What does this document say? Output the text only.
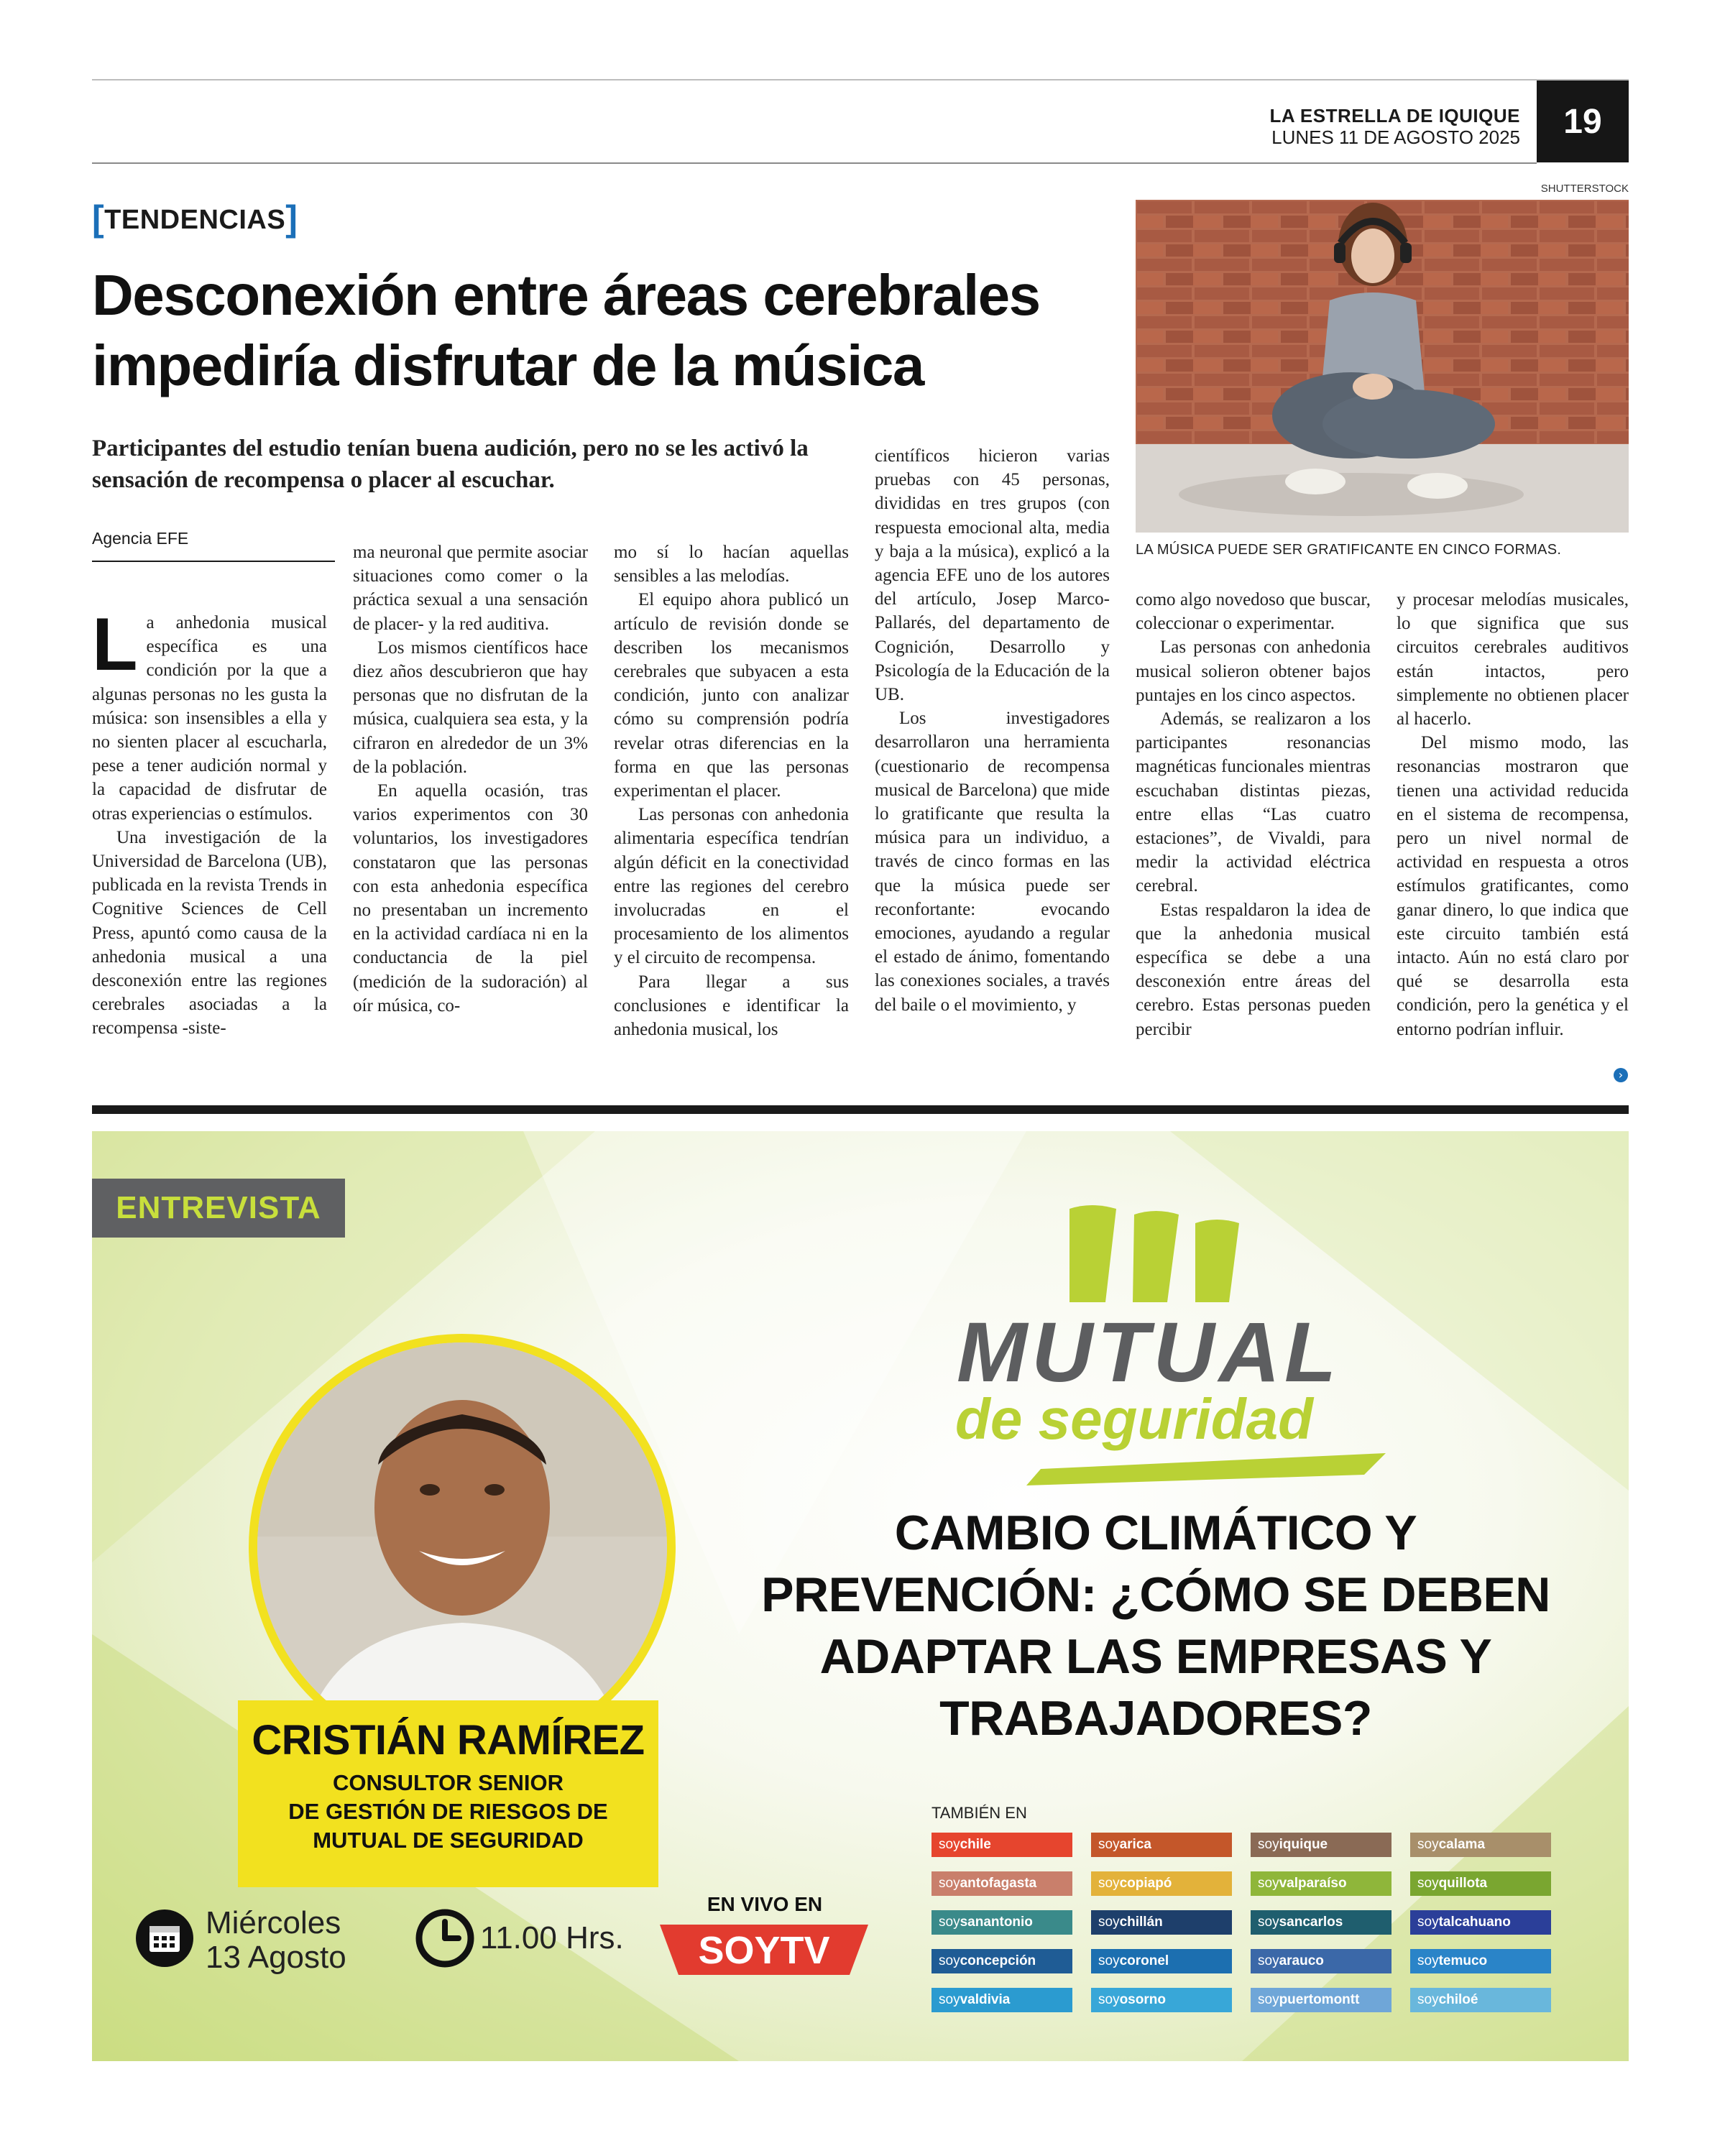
LA ESTRELLA DE IQUIQUE
LUNES 11 DE AGOSTO 2025	19
[TENDENCIAS]
Desconexión entre áreas cerebrales
impediría disfrutar de la música
Participantes del estudio tenían buena audición, pero no se les activó la sensación de recompensa o placer al escuchar.
Agencia EFE

La anhedonia musical específica es una condición por la que a algunas personas no les gusta la música: son insensibles a ella y no sienten placer al escucharla, pese a tener audición normal y la capacidad de disfrutar de otras experiencias o estímulos.

Una investigación de la Universidad de Barcelona (UB), publicada en la revista Trends in Cognitive Sciences de Cell Press, apuntó como causa de la anhedonia musical a una desconexión entre las regiones cerebrales asociadas a la recompensa -siste-

ma neuronal que permite asociar situaciones como comer o la práctica sexual a una sensación de placer- y la red auditiva.

Los mismos científicos hace diez años descubrieron que hay personas que no disfrutan de la música, cualquiera sea esta, y la cifraron en alrededor de un 3% de la población.

En aquella ocasión, tras varios experimentos con 30 voluntarios, los investigadores constataron que las personas con esta anhedonia específica no presentaban un incremento en la actividad cardíaca ni en la conductancia de la piel (medición de la sudoración) al oír música, co-

mo sí lo hacían aquellas sensibles a las melodías.

El equipo ahora publicó un artículo de revisión donde se describen los mecanismos cerebrales que subyacen a esta condición, junto con analizar cómo su comprensión podría revelar otras diferencias en la forma en que las personas experimentan el placer.

Las personas con anhedonia alimentaria específica tendrían algún déficit en la conectividad entre las regiones del cerebro involucradas en el procesamiento de los alimentos y el circuito de recompensa.

Para llegar a sus conclusiones e identificar la anhedonia musical, los

científicos hicieron varias pruebas con 45 personas, divididas en tres grupos (con respuesta emocional alta, media y baja a la música), explicó a la agencia EFE uno de los autores del artículo, Josep Marco-Pallarés, del departamento de Cognición, Desarrollo y Psicología de la Educación de la UB.

Los investigadores desarrollaron una herramienta (cuestionario de recompensa musical de Barcelona) que mide lo gratificante que resulta la música para un individuo, a través de cinco formas en las que la música puede ser reconfortante: evocando emociones, ayudando a regular el estado de ánimo, fomentando las conexiones sociales, a través del baile o el movimiento, y

como algo novedoso que buscar, coleccionar o experimentar.

Las personas con anhedonia musical solieron obtener bajos puntajes en los cinco aspectos.

Además, se realizaron a los participantes resonancias magnéticas funcionales mientras escuchaban distintas piezas, entre ellas “Las cuatro estaciones”, de Vivaldi, para medir la actividad eléctrica cerebral.

Estas respaldaron la idea de que la anhedonia musical específica se debe a una desconexión entre áreas del cerebro. Estas personas pueden percibir

y procesar melodías musicales, lo que significa que sus circuitos cerebrales auditivos están intactos, pero simplemente no obtienen placer al hacerlo.

Del mismo modo, las resonancias mostraron que tienen una actividad reducida en el sistema de recompensa, pero un nivel normal de actividad en respuesta a otros estímulos gratificantes, como ganar dinero, lo que indica que este circuito también está intacto. Aún no está claro por qué se desarrolla esta condición, pero la genética y el entorno podrían influir.

›
SHUTTERSTOCK
LA MÚSICA PUEDE SER GRATIFICANTE EN CINCO FORMAS.
ENTREVISTA
CRISTIÁN RAMÍREZ
CONSULTOR SENIOR
DE GESTIÓN DE RIESGOS DE
MUTUAL DE SEGURIDAD
MUTUAL
de seguridad
CAMBIO CLIMÁTICO Y
PREVENCIÓN: ¿CÓMO SE DEBEN
ADAPTAR LAS EMPRESAS Y
TRABAJADORES?
Miércoles
13 Agosto
11.00 Hrs.
EN VIVO EN
SOYTV
TAMBIÉN EN
soychile	soyarica	soyiquique	soycalama
soyantofagasta	soycopiapó	soyvalparaíso	soyquillota
soysanantonio	soychillán	soysancarlos	soytalcahuano
soyconcepción	soycoronel	soyarauco	soytemuco
soyvaldivia	soyosorno	soypuertomontt	soychiloé
